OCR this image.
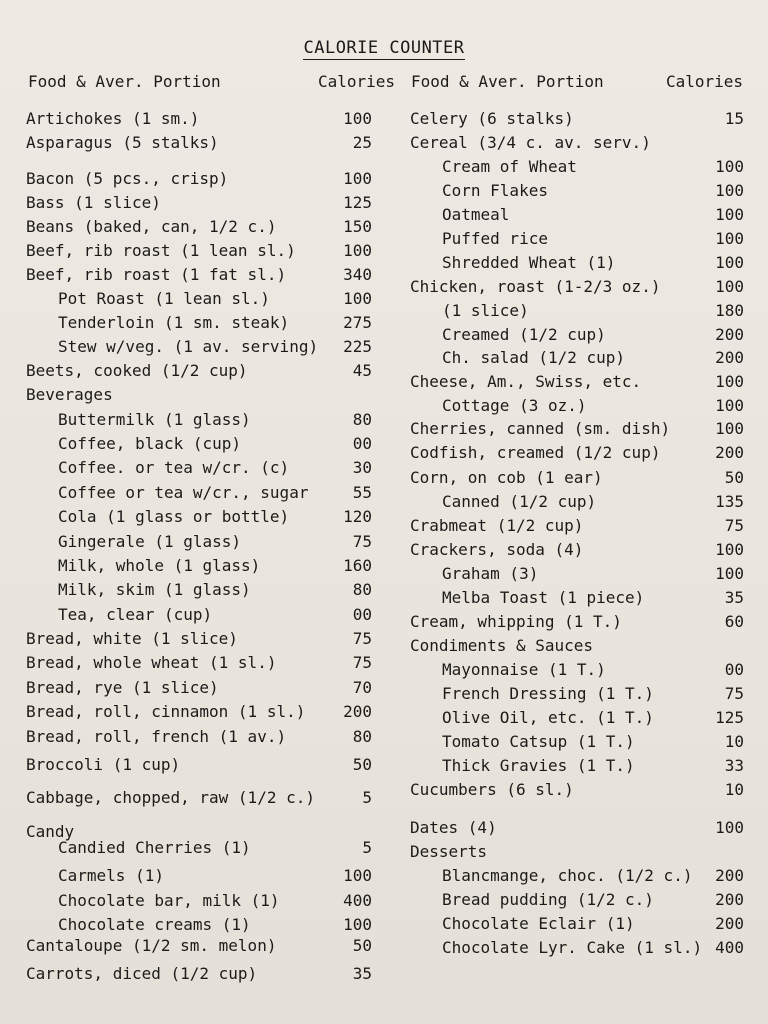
CALORIE COUNTER
Food & Aver. Portion	Calories Food & Aver. Portion	Calories
Artichokes (1 sm.)	100
Asparagus (5 stalks)	25
Bacon (5 pcs., crisp)	100
Bass (1 slice)	125
Beans (baked, can, 1/2 c.)	150
Beef, rib roast (1 lean sl.)	100
Beef, rib roast (1 fat sl.)	340
Pot Roast (1 lean sl.)	100
Tenderloin (1 sm. steak)	275
Stew w/veg. (1 av. serving) 225
Beets, cooked (1/2 cup)	45
Beverages
Buttermilk (1 glass)	80
Coffee, black (cup)	00
Coffee. or tea w/cr. (c)	30
Coffee or tea w/cr., sugar	55
Cola (1 glass or bottle)	120
Gingerale (1 glass)	75
Milk, whole (1 glass)	160
Milk, skim (1 glass)	80
Tea, clear (cup)	00
Bread, white (1 slice)	75
Bread, whole wheat (1 sl.)	75
Bread, rye (1 slice)	70
Bread, roll, cinnamon (1 sl.) 200
Bread, roll, french (1 av.)	80
Broccoli (1 cup)	50
Cabbage, chopped, raw (1/2 c.)	5
Candy
Candied Cherries (1)	5
Carmels (1)	100
Chocolate bar, milk (1)	400
Chocolate creams (1)	100
Cantaloupe (1/2 sm. melon)	50
Carrots, diced (1/2 cup)	35
Celery (6 stalks)	15
Cereal (3/4 c. av. serv.)
Cream of Wheat	100
Corn Flakes	100
Oatmeal	100
Puffed rice	100
Shredded Wheat (1)	100
Chicken, roast (1-2/3 oz.)	100
(1 slice)	180
Creamed (1/2 cup)	200
Ch. salad (1/2 cup)	200
Cheese, Am., Swiss, etc.	100
Cottage (3 oz.)	100
Cherries, canned (sm. dish)	100
Codfish, creamed (1/2 cup)	200
Corn, on cob (1 ear)	50
Canned (1/2 cup)	135
Crabmeat (1/2 cup)	75
Crackers, soda (4)	100
Graham (3)	100
Melba Toast (1 piece)	35
Cream, whipping (1 T.)	60
Condiments & Sauces
Mayonnaise (1 T.)	00
French Dressing (1 T.)	75
Olive Oil, etc. (1 T.)	125
Tomato Catsup (1 T.)	10
Thick Gravies (1 T.)	33
Cucumbers (6 sl.)	10
Dates (4)	100
Desserts
Blancmange, choc. (1/2 c.) 200
Bread pudding (1/2 c.)	200
Chocolate Eclair (1)	200
Chocolate Lyr. Cake (1 sl.) 400
